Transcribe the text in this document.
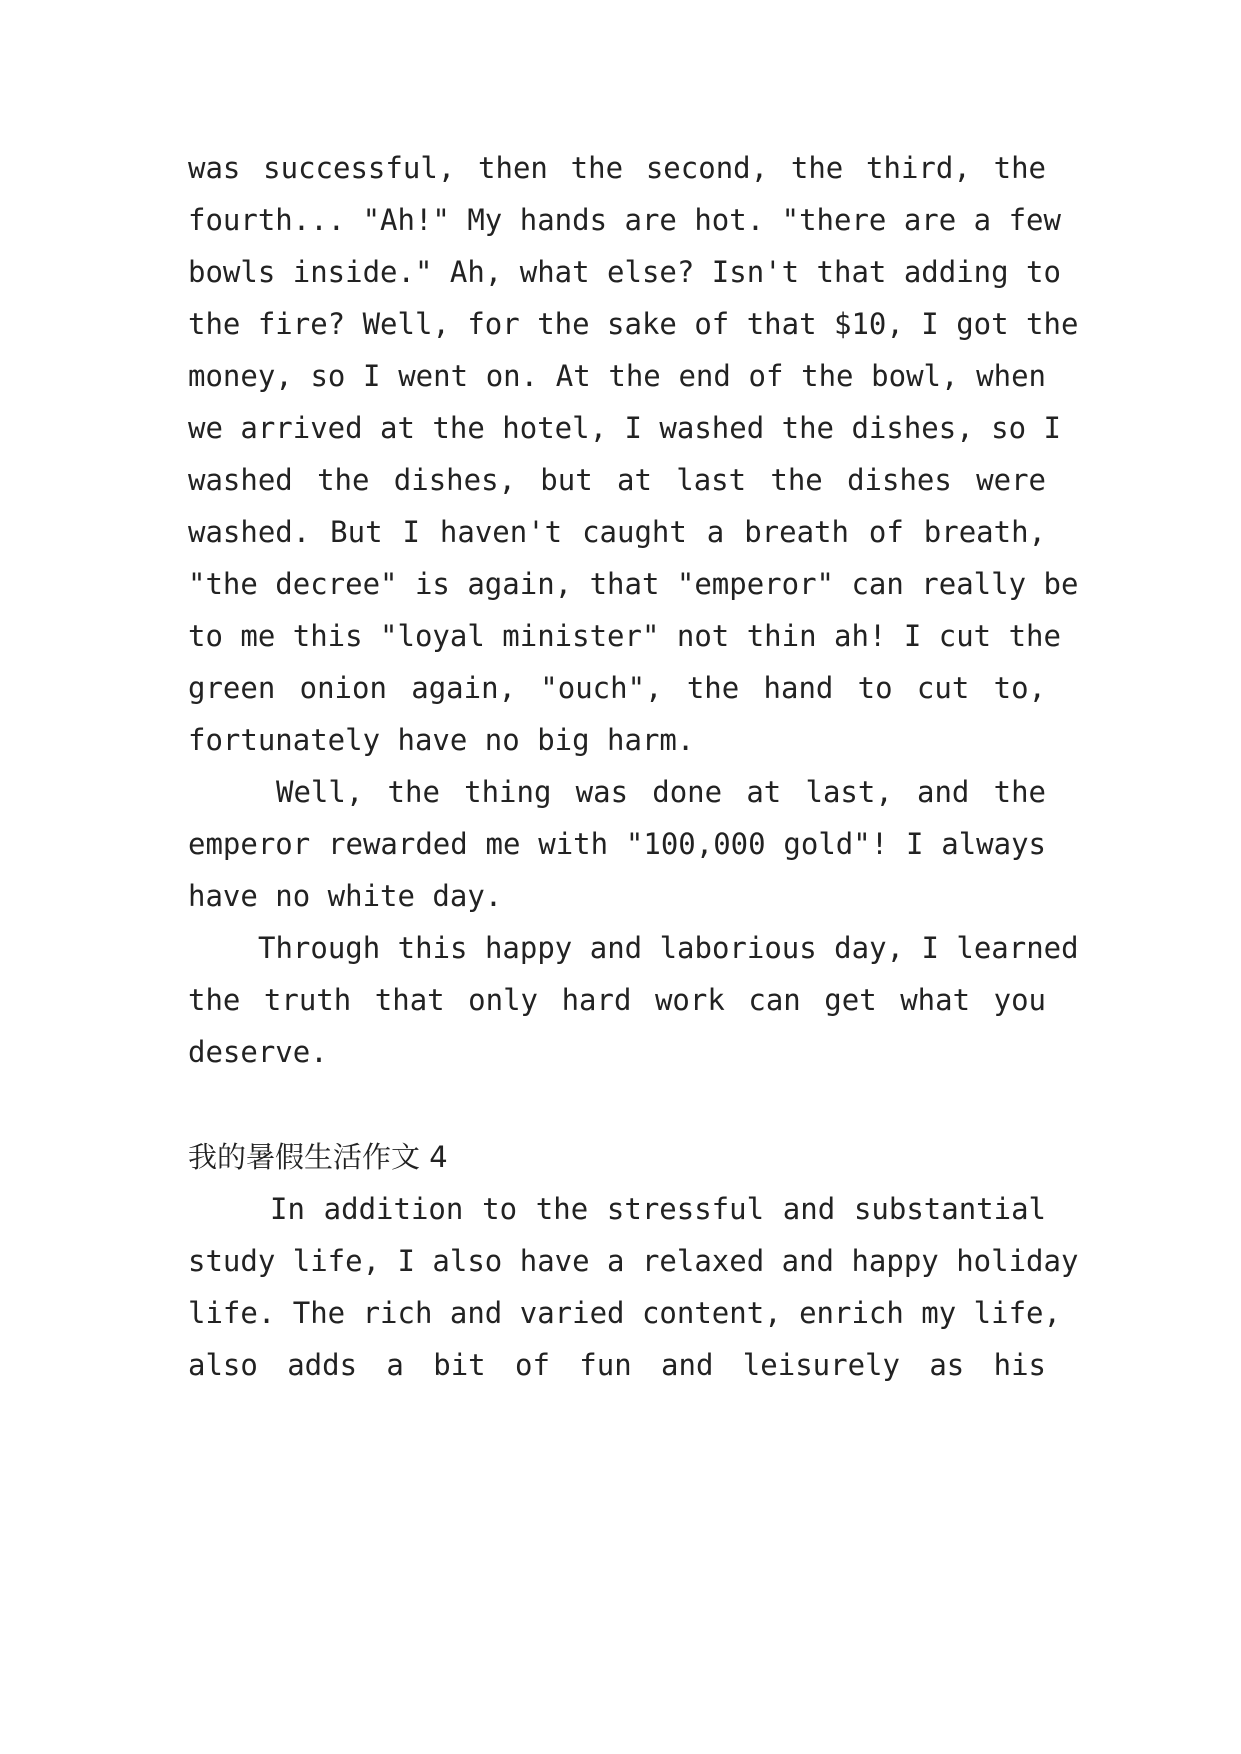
was successful, then the second, the third, the
fourth... "Ah!" My hands are hot. "there are a few
bowls inside." Ah, what else? Isn't that adding to
the fire? Well, for the sake of that $10, I got the
money, so I went on. At the end of the bowl, when
we arrived at the hotel, I washed the dishes, so I
washed the dishes, but at last the dishes were
washed. But I haven't caught a breath of breath,
"the decree" is again, that "emperor" can really be
to me this "loyal minister" not thin ah! I cut the
green onion again, "ouch", the hand to cut to,
fortunately have no big harm.
Well, the thing was done at last, and the
emperor rewarded me with "100,000 gold"! I always
have no white day.
Through this happy and laborious day, I learned
the truth that only hard work can get what you
deserve.
我的暑假生活作文 4
In addition to the stressful and substantial
study life, I also have a relaxed and happy holiday
life. The rich and varied content, enrich my life,
also adds a bit of fun and leisurely as his
